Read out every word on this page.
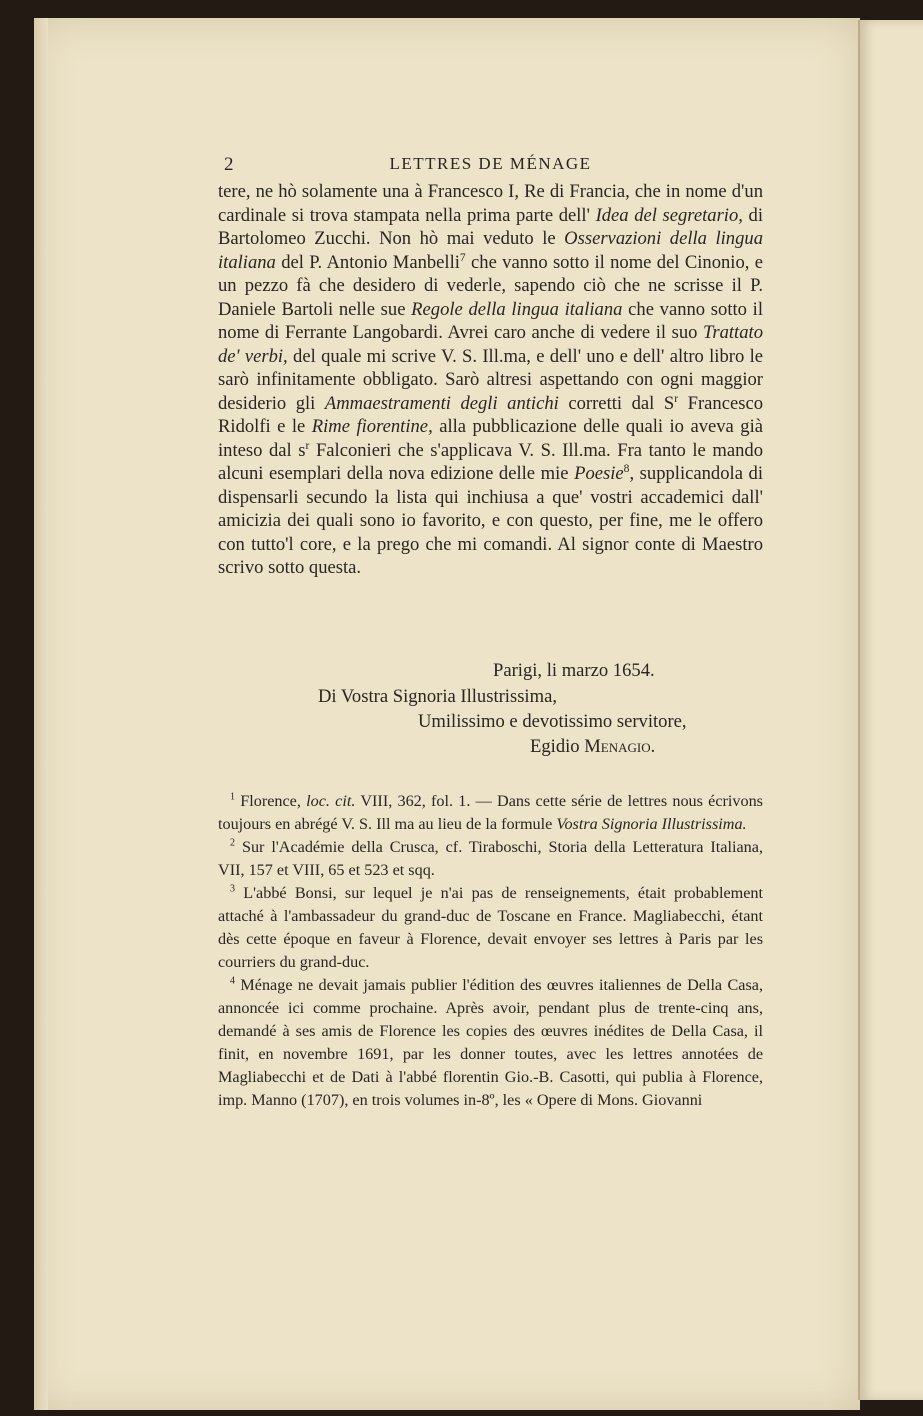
2	LETTRES DE MÉNAGE

tere, ne hò solamente una à Francesco I, Re di Francia, che in nome d'un cardinale si trova stampata nella prima parte dell' Idea del segretario, di Bartolomeo Zucchi. Non hò mai veduto le Osservazioni della lingua italiana del P. Antonio Manbelli$^7$ che vanno sotto il nome del Cinonio, e un pezzo fà che desidero di vederle, sapendo ciò che ne scrisse il P. Daniele Bartoli nelle sue Regole della lingua italiana che vanno sotto il nome di Ferrante Langobardi. Avrei caro anche di vedere il suo Trattato de' verbi, del quale mi scrive V. S. Ill.ma, e dell' uno e dell' altro libro le sarò infinitamente obbligato. Sarò altresi aspettando con ogni maggior desiderio gli Ammaestramenti degli antichi corretti dal $S^r$ Francesco Ridolfi e le Rime fiorentine, alla pubblicazione delle quali io aveva già inteso dal $s^r$ Falconieri che s'applicava V. S. Ill.ma. Fra tanto le mando alcuni esemplari della nova edizione delle mie Poesie$^8$, supplicandola di dispensarli secundo la lista qui inchiusa a que' vostri accademici dall' amicizia dei quali sono io favorito, e con questo, per fine, me le offero con tutto'l core, e la prego che mi comandi. Al signor conte di Maestro scrivo sotto questa.

Parigi, li marzo 1654.
Di Vostra Signoria Illustrissima,
Umilissimo e devotissimo servitore,
Egidio Menagio.

$^1$ Florence, loc. cit. VIII, 362, fol. 1. — Dans cette série de lettres nous écrivons toujours en abrégé V. S. Ill ma au lieu de la formule Vostra Signoria Illustrissima.

$^2$ Sur l'Académie della Crusca, cf. Tiraboschi, Storia della Letteratura Italiana, VII, 157 et VIII, 65 et 523 et sqq.

$^3$ L'abbé Bonsi, sur lequel je n'ai pas de renseignements, était probablement attaché à l'ambassadeur du grand-duc de Toscane en France. Magliabecchi, étant dès cette époque en faveur à Florence, devait envoyer ses lettres à Paris par les courriers du grand-duc.

$^4$ Ménage ne devait jamais publier l'édition des œuvres italiennes de Della Casa, annoncée ici comme prochaine. Après avoir, pendant plus de trente-cinq ans, demandé à ses amis de Florence les copies des œuvres inédites de Della Casa, il finit, en novembre 1691, par les donner toutes, avec les lettres annotées de Magliabecchi et de Dati à l'abbé florentin Gio.-B. Casotti, qui publia à Florence, imp. Manno (1707), en trois volumes in-8º, les « Opere di Mons. Giovanni
